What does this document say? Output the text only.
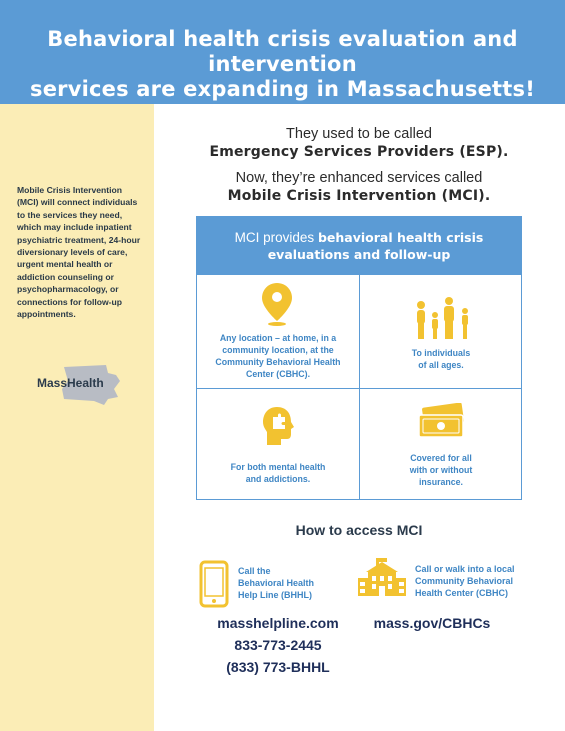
Behavioral health crisis evaluation and intervention
services are expanding in Massachusetts!

Mobile Crisis Intervention (MCI) will connect individuals to the services they need, which may include inpatient psychiatric treatment, 24-hour diversionary levels of care, urgent mental health or addiction counseling or psychopharmacology, or connections for follow-up appointments.

MassHealth
They used to be called
Emergency Services Providers (ESP).
Now, they’re enhanced services called
Mobile Crisis Intervention (MCI).
MCI provides behavioral health crisis
evaluations and follow-up
Any location – at home, in a
community location, at the
Community Behavioral Health
Center (CBHC).
To individuals
of all ages.
For both mental health
and addictions.
Covered for all
with or without
insurance.
How to access MCI
Call the
Behavioral Health
Help Line (BHHL)
Call or walk into a local
Community Behavioral
Health Center (CBHC)
masshelpline.com
833-773-2445
(833) 773-BHHL
mass.gov/CBHCs
